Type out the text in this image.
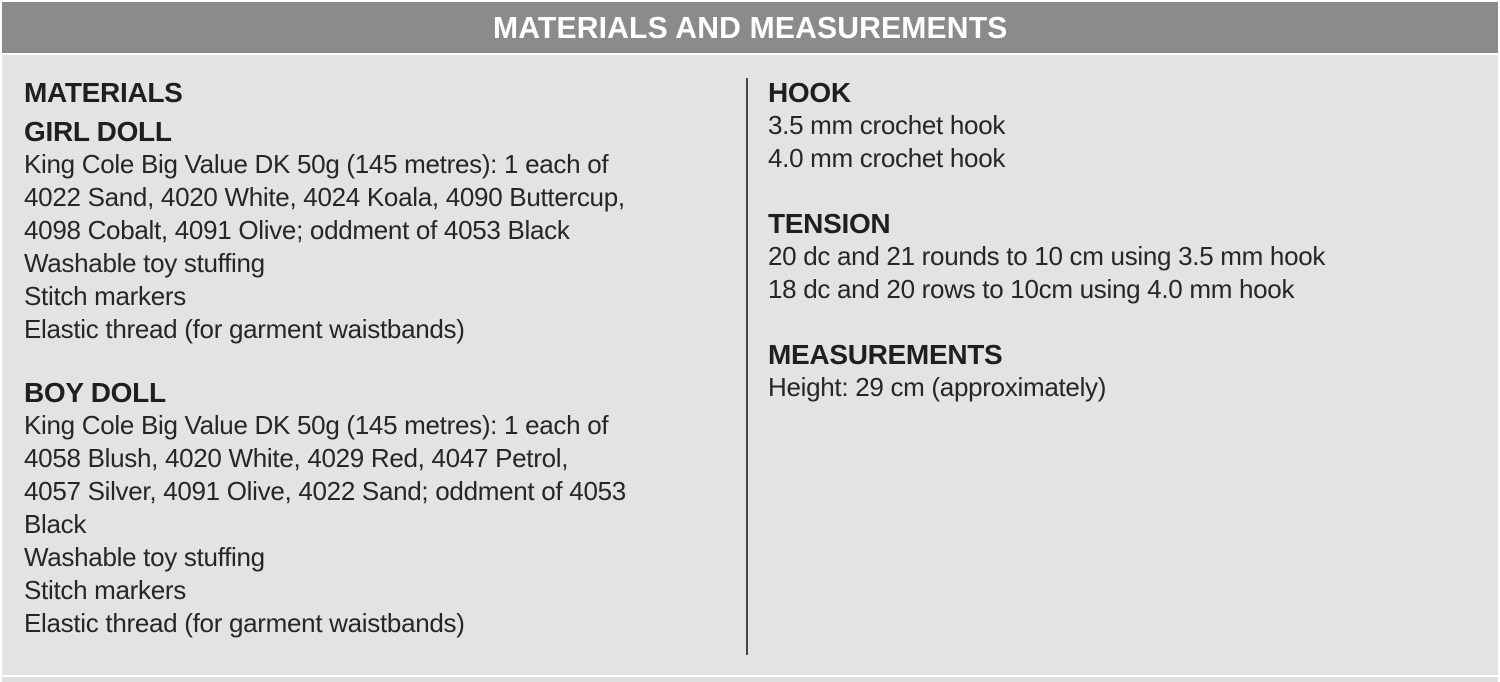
MATERIALS AND MEASUREMENTS
MATERIALS
GIRL DOLL
King Cole Big Value DK 50g (145 metres): 1 each of
4022 Sand, 4020 White, 4024 Koala, 4090 Buttercup,
4098 Cobalt, 4091 Olive; oddment of 4053 Black
Washable toy stuffing
Stitch markers
Elastic thread (for garment waistbands)
BOY DOLL
King Cole Big Value DK 50g (145 metres): 1 each of
4058 Blush, 4020 White, 4029 Red, 4047 Petrol,
4057 Silver, 4091 Olive, 4022 Sand; oddment of 4053
Black
Washable toy stuffing
Stitch markers
Elastic thread (for garment waistbands)
HOOK
3.5 mm crochet hook
4.0 mm crochet hook
TENSION
20 dc and 21 rounds to 10 cm using 3.5 mm hook
18 dc and 20 rows to 10cm using 4.0 mm hook
MEASUREMENTS
Height: 29 cm (approximately)
